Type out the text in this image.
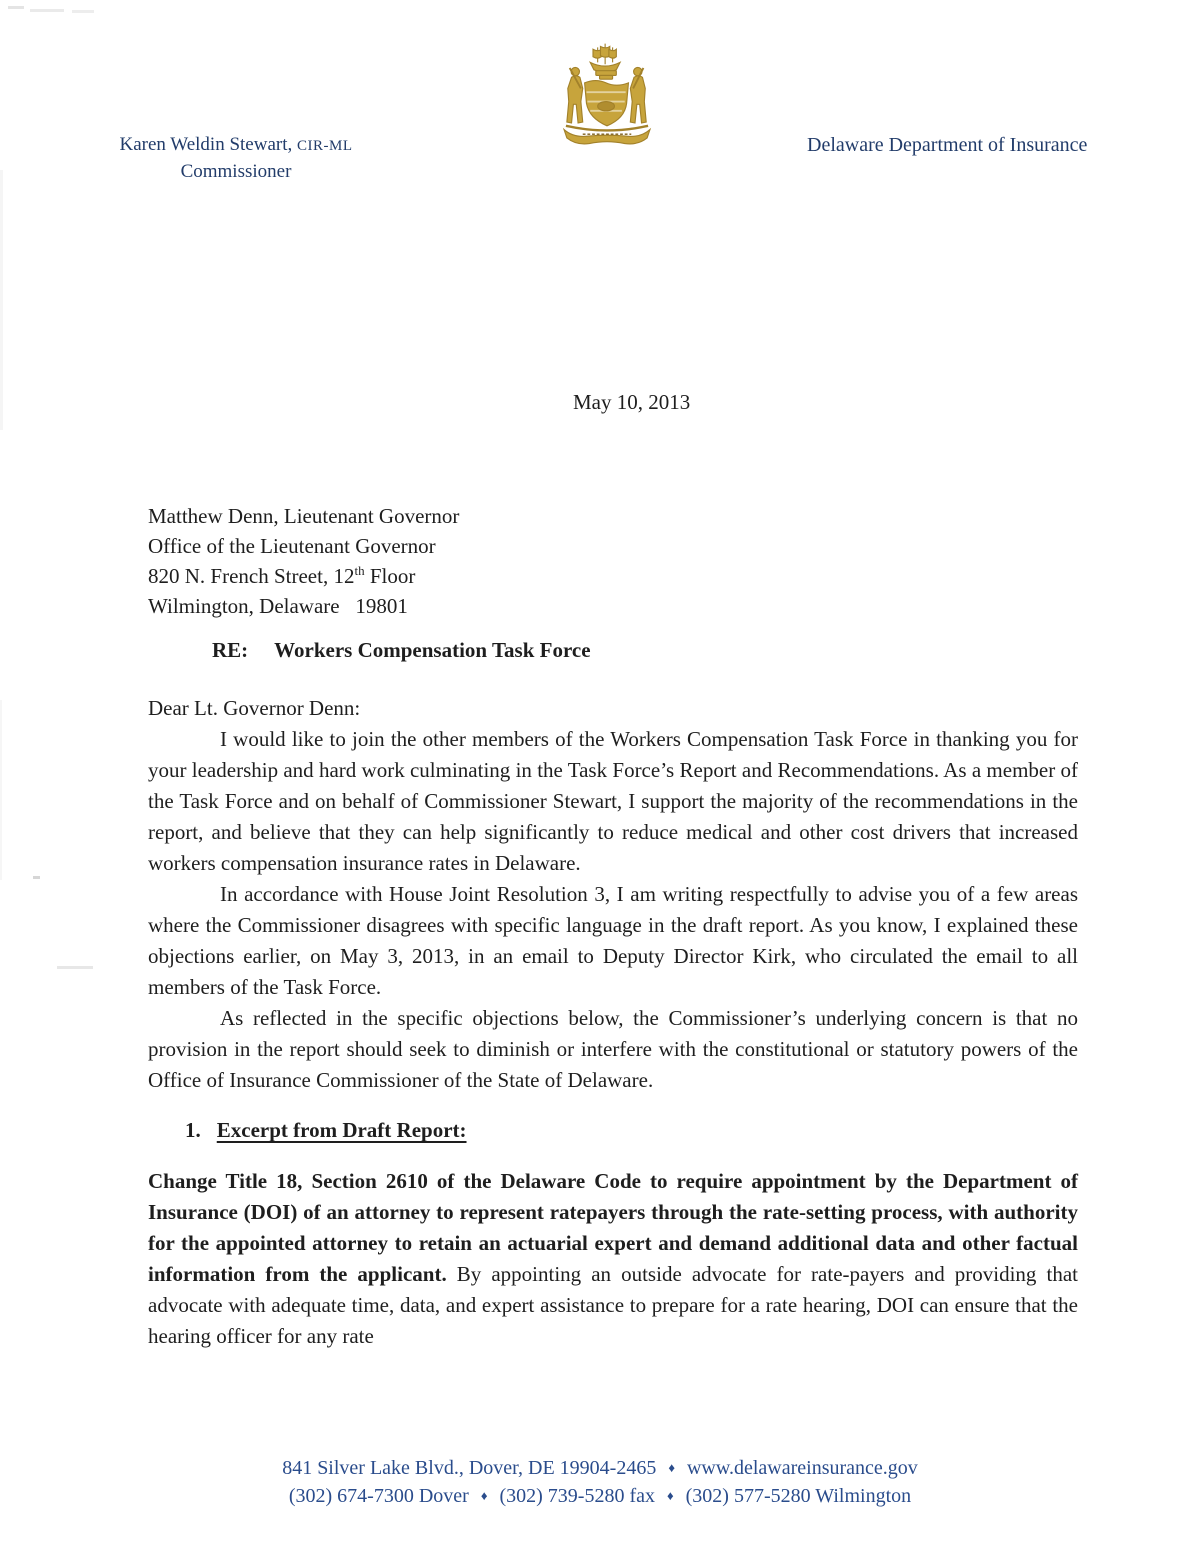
Karen Weldin Stewart, CIR-ML
Commissioner
Delaware Department of Insurance
May 10, 2013
Matthew Denn, Lieutenant Governor
Office of the Lieutenant Governor
820 N. French Street, 12th Floor
Wilmington, Delaware  19801
RE: Workers Compensation Task Force
Dear Lt. Governor Denn:

I would like to join the other members of the Workers Compensation Task Force in thanking you for your leadership and hard work culminating in the Task Force’s Report and Recommendations. As a member of the Task Force and on behalf of Commissioner Stewart, I support the majority of the recommendations in the report, and believe that they can help significantly to reduce medical and other cost drivers that increased workers compensation insurance rates in Delaware.

In accordance with House Joint Resolution 3, I am writing respectfully to advise you of a few areas where the Commissioner disagrees with specific language in the draft report. As you know, I explained these objections earlier, on May 3, 2013, in an email to Deputy Director Kirk, who circulated the email to all members of the Task Force.

As reflected in the specific objections below, the Commissioner’s underlying concern is that no provision in the report should seek to diminish or interfere with the constitutional or statutory powers of the Office of Insurance Commissioner of the State of Delaware.

1. Excerpt from Draft Report:

Change Title 18, Section 2610 of the Delaware Code to require appointment by the Department of Insurance (DOI) of an attorney to represent ratepayers through the rate-setting process, with authority for the appointed attorney to retain an actuarial expert and demand additional data and other factual information from the applicant. By appointing an outside advocate for rate-payers and providing that advocate with adequate time, data, and expert assistance to prepare for a rate hearing, DOI can ensure that the hearing officer for any rate

841 Silver Lake Blvd., Dover, DE 19904-2465 ♦ www.delawareinsurance.gov
(302) 674-7300 Dover ♦ (302) 739-5280 fax ♦ (302) 577-5280 Wilmington
